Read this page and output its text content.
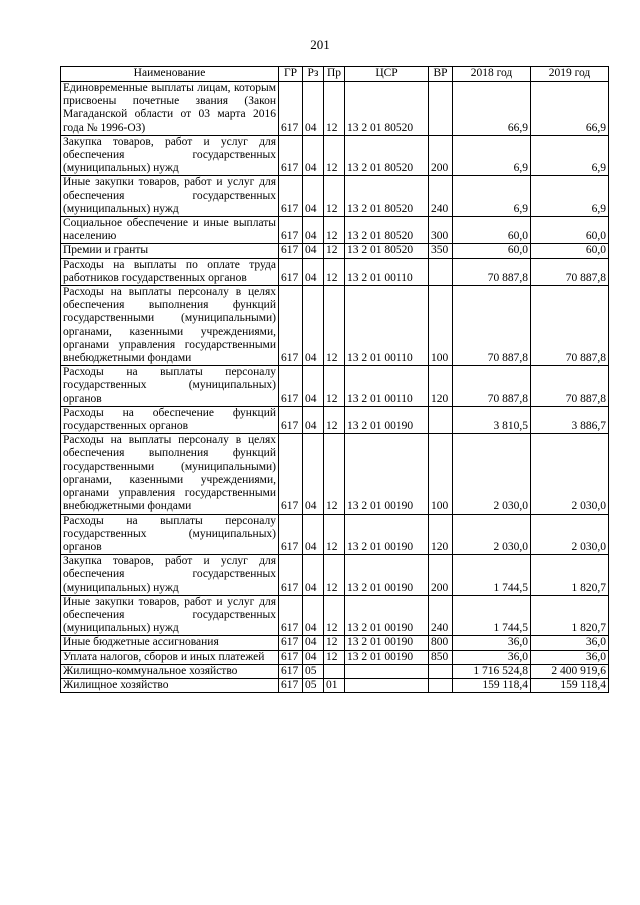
201
Наименование	ГР	Рз	Пр	ЦСР	ВР	2018 год	2019 год
Единовременные выплаты лицам, которым присвоены почетные звания (Закон Магаданской области от 03 марта 2016 года № 1996-ОЗ)	617	04	12	13 2 01 80520		66,9	66,9
Закупка товаров, работ и услуг для обеспечения государственных (муниципальных) нужд	617	04	12	13 2 01 80520	200	6,9	6,9
Иные закупки товаров, работ и услуг для обеспечения государственных (муниципальных) нужд	617	04	12	13 2 01 80520	240	6,9	6,9
Социальное обеспечение и иные выплаты населению	617	04	12	13 2 01 80520	300	60,0	60,0
Премии и гранты	617	04	12	13 2 01 80520	350	60,0	60,0
Расходы на выплаты по оплате труда работников государственных органов	617	04	12	13 2 01 00110		70 887,8	70 887,8
Расходы на выплаты персоналу в целях обеспечения выполнения функций государственными (муниципальными) органами, казенными учреждениями, органами управления государственными внебюджетными фондами	617	04	12	13 2 01 00110	100	70 887,8	70 887,8
Расходы на выплаты персоналу государственных (муниципальных) органов	617	04	12	13 2 01 00110	120	70 887,8	70 887,8
Расходы на обеспечение функций государственных органов	617	04	12	13 2 01 00190		3 810,5	3 886,7
Расходы на выплаты персоналу в целях обеспечения выполнения функций государственными (муниципальными) органами, казенными учреждениями, органами управления государственными внебюджетными фондами	617	04	12	13 2 01 00190	100	2 030,0	2 030,0
Расходы на выплаты персоналу государственных (муниципальных) органов	617	04	12	13 2 01 00190	120	2 030,0	2 030,0
Закупка товаров, работ и услуг для обеспечения государственных (муниципальных) нужд	617	04	12	13 2 01 00190	200	1 744,5	1 820,7
Иные закупки товаров, работ и услуг для обеспечения государственных (муниципальных) нужд	617	04	12	13 2 01 00190	240	1 744,5	1 820,7
Иные бюджетные ассигнования	617	04	12	13 2 01 00190	800	36,0	36,0
Уплата налогов, сборов и иных платежей	617	04	12	13 2 01 00190	850	36,0	36,0
Жилищно-коммунальное хозяйство	617	05				1 716 524,8	2 400 919,6
Жилищное хозяйство	617	05	01			159 118,4	159 118,4
